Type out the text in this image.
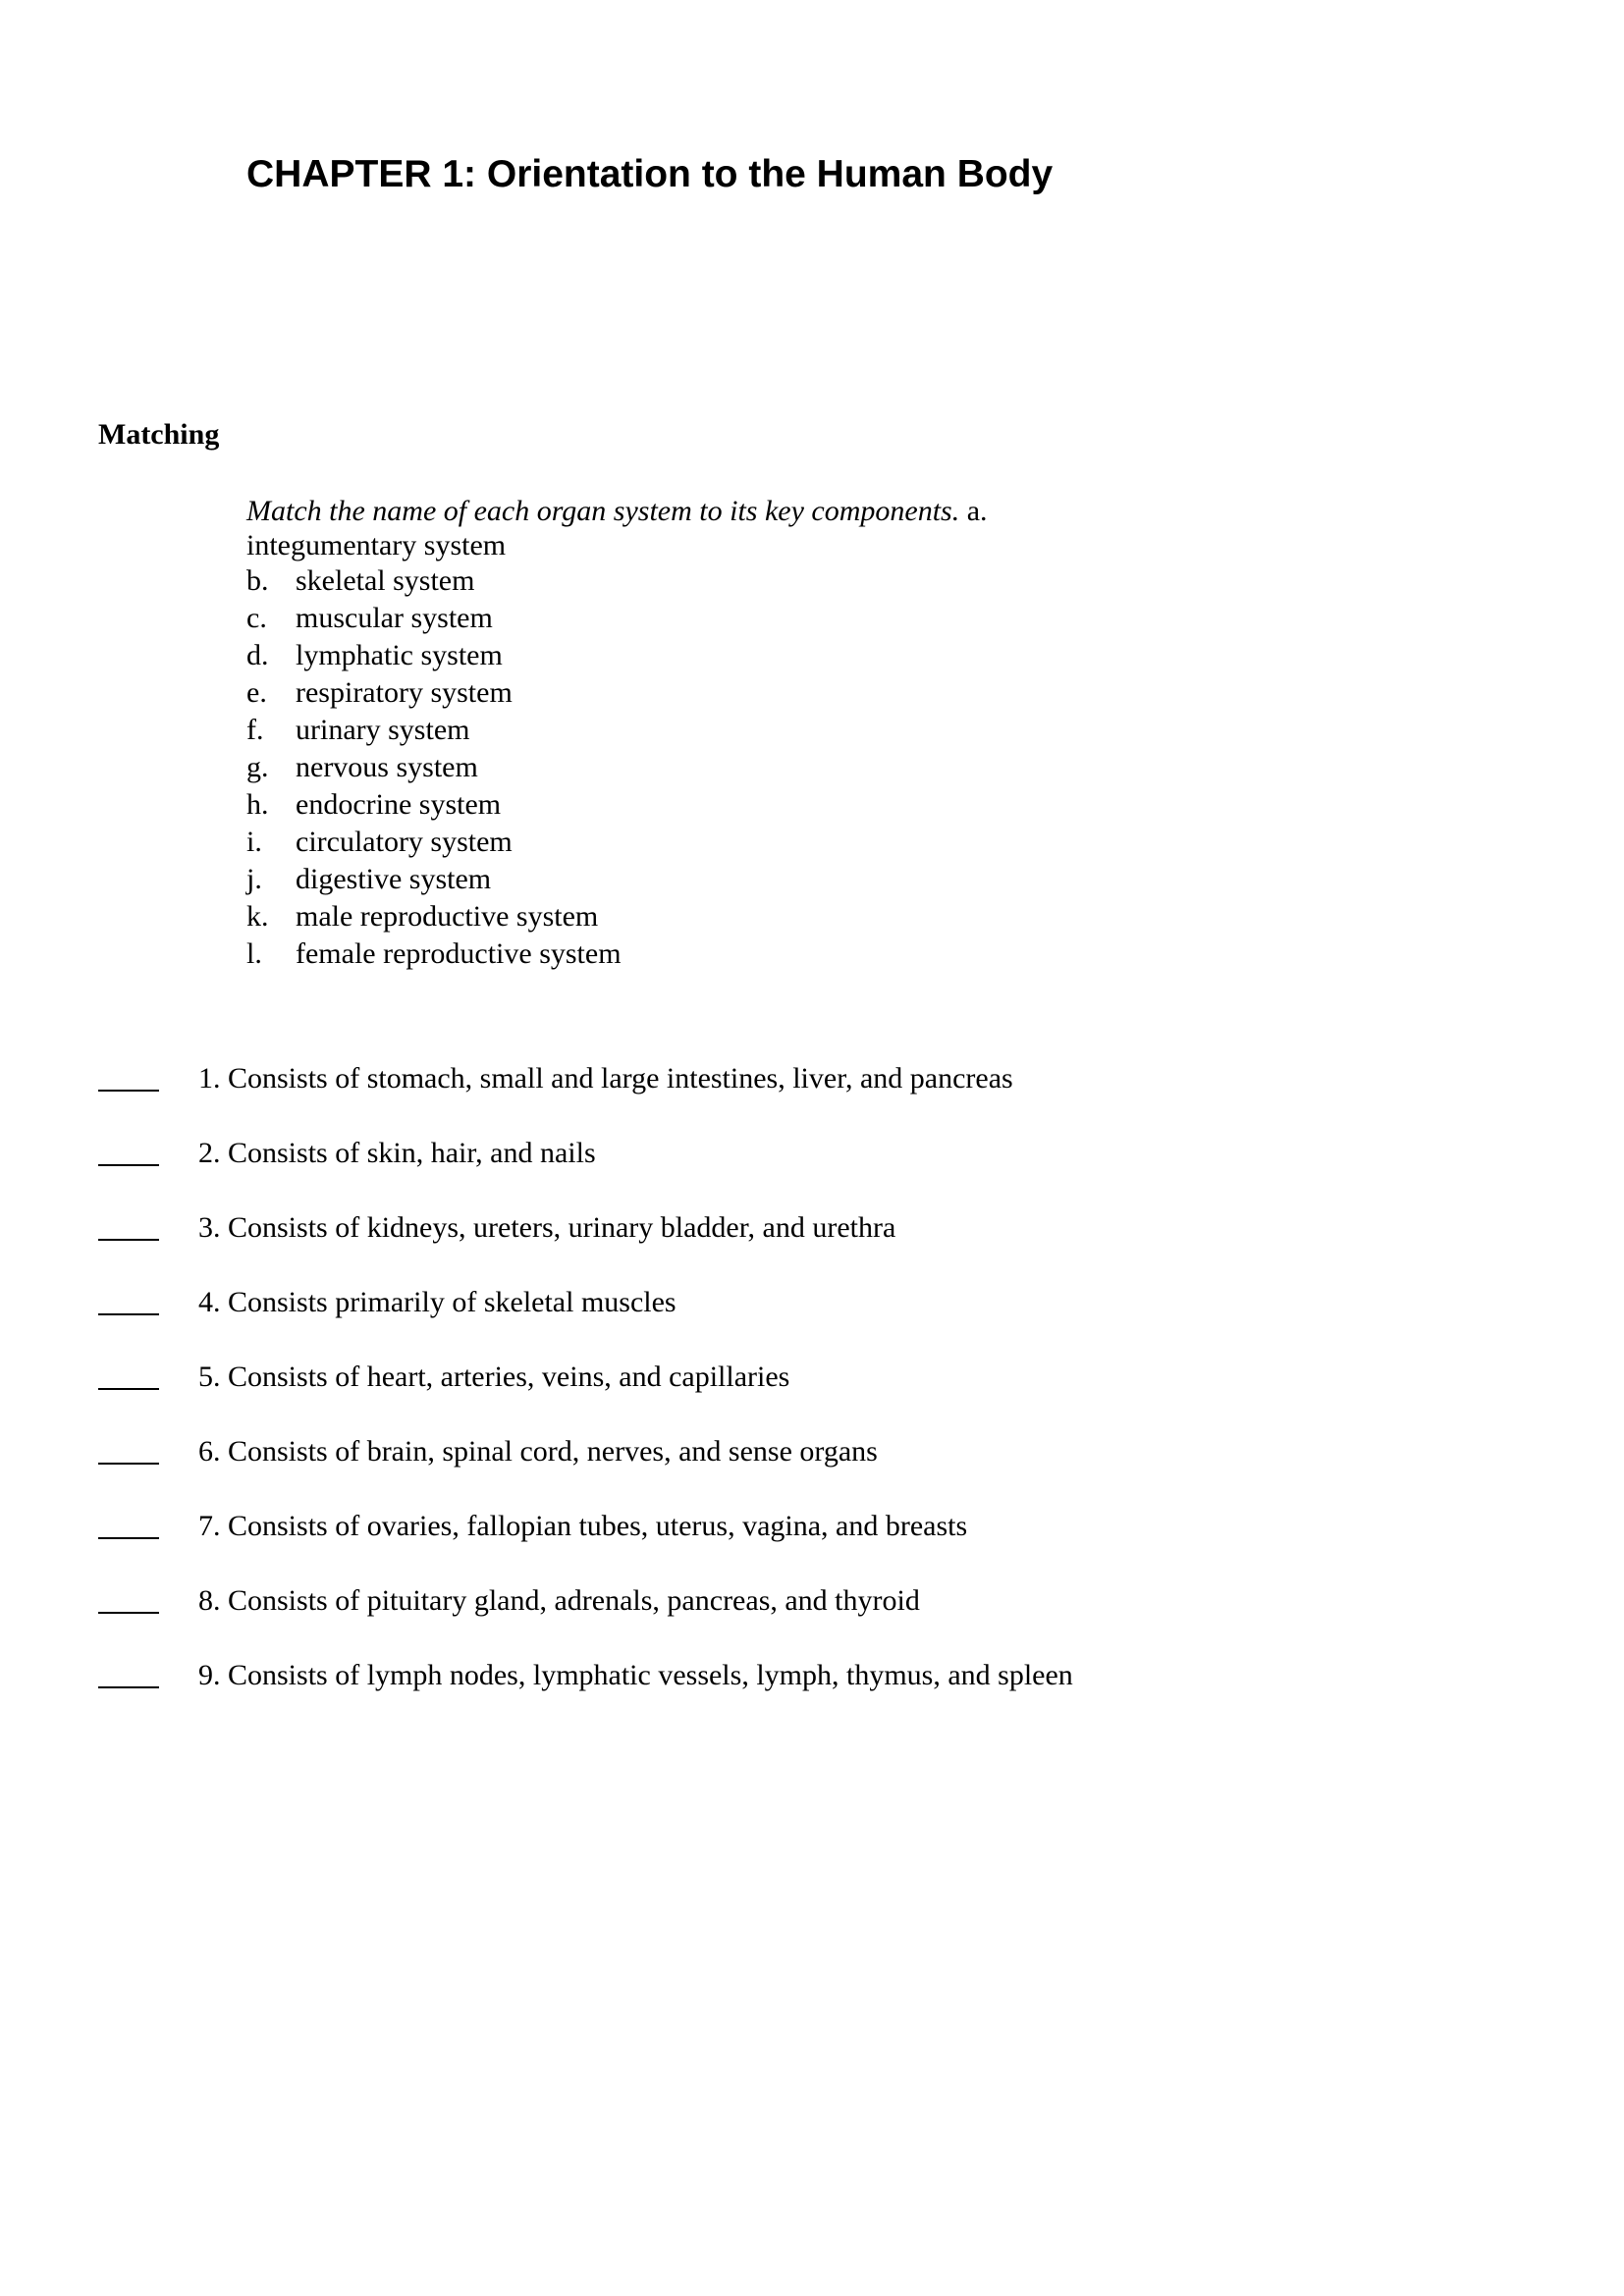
CHAPTER 1: Orientation to the Human Body
Matching
Match the name of each organ system to its key components. a.
integumentary system
b. skeletal system
c. muscular system
d. lymphatic system
e. respiratory system
f. urinary system
g. nervous system
h. endocrine system
i. circulatory system
j. digestive system
k. male reproductive system
l. female reproductive system
1. Consists of stomach, small and large intestines, liver, and pancreas
2. Consists of skin, hair, and nails
3. Consists of kidneys, ureters, urinary bladder, and urethra
4. Consists primarily of skeletal muscles
5. Consists of heart, arteries, veins, and capillaries
6. Consists of brain, spinal cord, nerves, and sense organs
7. Consists of ovaries, fallopian tubes, uterus, vagina, and breasts
8. Consists of pituitary gland, adrenals, pancreas, and thyroid
9. Consists of lymph nodes, lymphatic vessels, lymph, thymus, and spleen
